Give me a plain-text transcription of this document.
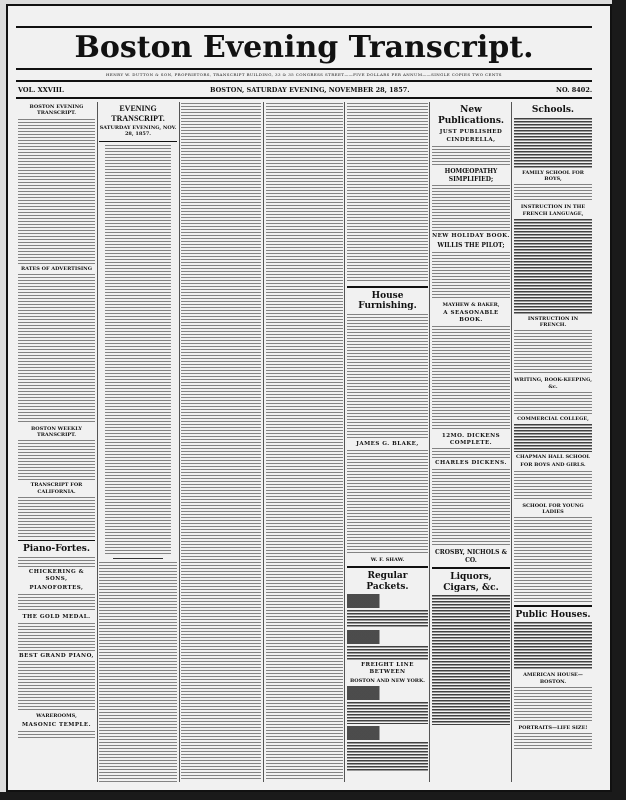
Boston Evening Transcript.
HENRY W. DUTTON & SON, PROPRIETORS, TRANSCRIPT BUILDING, 33 & 35 CONGRESS STREET——FIVE DOLLARS PER ANNUM——SINGLE COPIES TWO CENTS
VOL. XXVIII.	BOSTON, SATURDAY EVENING, NOVEMBER 28, 1857.	NO. 8402.
BOSTON EVENING TRANSCRIPT.
RATES OF ADVERTISING
BOSTON WEEKLY TRANSCRIPT.
TRANSCRIPT FOR CALIFORNIA.
Piano-Fortes.
CHICKERING & SONS,
PIANOFORTES,
THE GOLD MEDAL.
BEST GRAND PIANO,
WAREROOMS,
MASONIC TEMPLE.
EVENING TRANSCRIPT.
SATURDAY EVENING, NOV. 28, 1857.
House Furnishing.
JAMES G. BLAKE,
W. F. SHAW.
Regular Packets.
FREIGHT LINE BETWEEN
BOSTON AND NEW YORK.
New Publications.
JUST PUBLISHED
CINDERELLA,
HOMŒOPATHY SIMPLIFIED;
NEW HOLIDAY BOOK.
WILLIS THE PILOT;
MAYHEW & BAKER,
A SEASONABLE BOOK.
12MO. DICKENS COMPLETE.
CHARLES DICKENS.
CROSBY, NICHOLS & CO.
Liquors, Cigars, &c.
Schools.
FAMILY SCHOOL FOR BOYS,
INSTRUCTION IN THE FRENCH LANGUAGE,
INSTRUCTION IN FRENCH.
WRITING, BOOK-KEEPING, &c.
COMMERCIAL COLLEGE,
CHAPMAN HALL SCHOOL
FOR BOYS AND GIRLS.
SCHOOL FOR YOUNG LADIES
Public Houses.
AMERICAN HOUSE—BOSTON.
PORTRAITS—LIFE SIZE!
